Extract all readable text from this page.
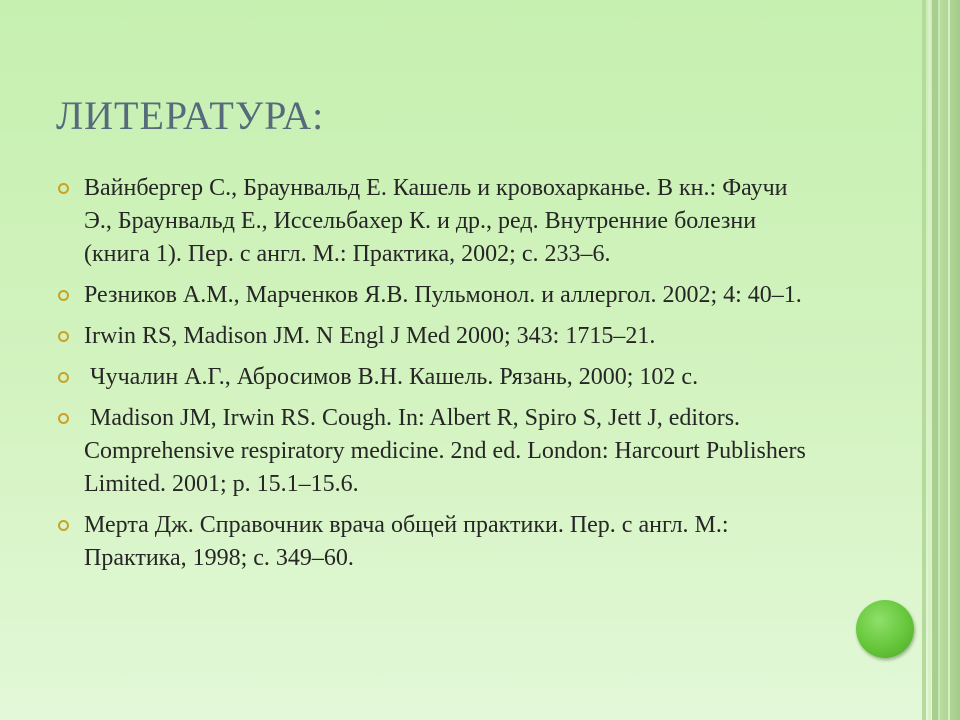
ЛИТЕРАТУРА:
Вайнбергер С., Браунвальд Е. Кашель и кровохарканье. В кн.: Фаучи Э., Браунвальд Е., Иссельбахер К. и др., ред. Внутренние болезни (книга 1). Пер. с англ. М.: Практика, 2002; с. 233–6.
Резников А.М., Марченков Я.В. Пульмонол. и аллергол. 2002; 4: 40–1.
Irwin RS, Madison JM. N Engl J Med 2000; 343: 1715–21.
Чучалин А.Г., Абросимов В.Н. Кашель. Рязань, 2000; 102 с.
Madison JM, Irwin RS. Cough. In: Albert R, Spiro S, Jett J, editors. Comprehensive respiratory medicine. 2nd ed. London: Harcourt Publishers Limited. 2001; p. 15.1–15.6.
Мерта Дж. Справочник врача общей практики. Пер. с англ. М.: Практика, 1998; с. 349–60.
